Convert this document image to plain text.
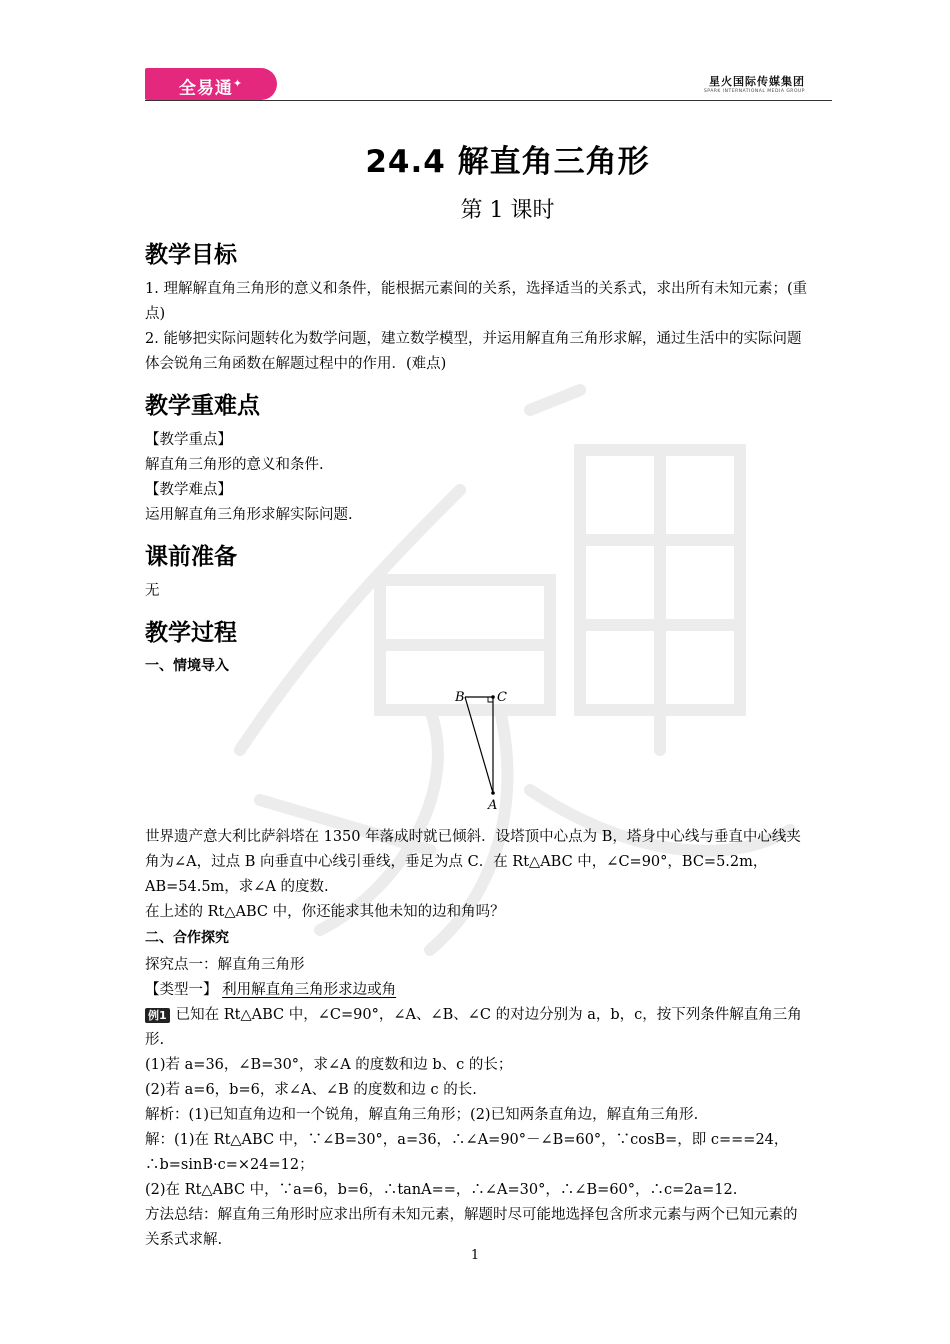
全易通✦	星火国际传媒集团
SPARK INTERNATIONAL MEDIA GROUP
24.4 解直角三角形
第 1 课时
教学目标

1. 理解解直角三角形的意义和条件，能根据元素间的关系，选择适当的关系式，求出所有未知元素；(重点)

2. 能够把实际问题转化为数学问题，建立数学模型，并运用解直角三角形求解，通过生活中的实际问题体会锐角三角函数在解题过程中的作用．(难点)

教学重难点

【教学重点】

解直角三角形的意义和条件.

【教学难点】

运用解直角三角形求解实际问题.

课前准备

无

教学过程
一、情境导入
B C
A

世界遗产意大利比萨斜塔在 1350 年落成时就已倾斜．设塔顶中心点为 B，塔身中心线与垂直中心线夹角为∠A，过点 B 向垂直中心线引垂线，垂足为点 C．在 Rt△ABC 中，∠C=90°，BC=5.2m，AB=54.5m，求∠A 的度数.

在上述的 Rt△ABC 中，你还能求其他未知的边和角吗？

二、合作探究

探究点一：解直角三角形

【类型一】 利用解直角三角形求边或角

例1 已知在 Rt△ABC 中，∠C=90°，∠A、∠B、∠C 的对边分别为 a，b，c，按下列条件解直角三角形.

(1)若 a=36，∠B=30°，求∠A 的度数和边 b、c 的长；

(2)若 a=6，b=6，求∠A、∠B 的度数和边 c 的长.

解析：(1)已知直角边和一个锐角，解直角三角形；(2)已知两条直角边，解直角三角形.

解：(1)在 Rt△ABC 中，∵∠B=30°，a=36，∴∠A=90°－∠B=60°，∵cosB=，即 c===24，∴b=sinB·c=×24=12；

(2)在 Rt△ABC 中，∵a=6，b=6，∴tanA==，∴∠A=30°，∴∠B=60°，∴c=2a=12.

方法总结：解直角三角形时应求出所有未知元素，解题时尽可能地选择包含所求元素与两个已知元素的关系式求解.

1
